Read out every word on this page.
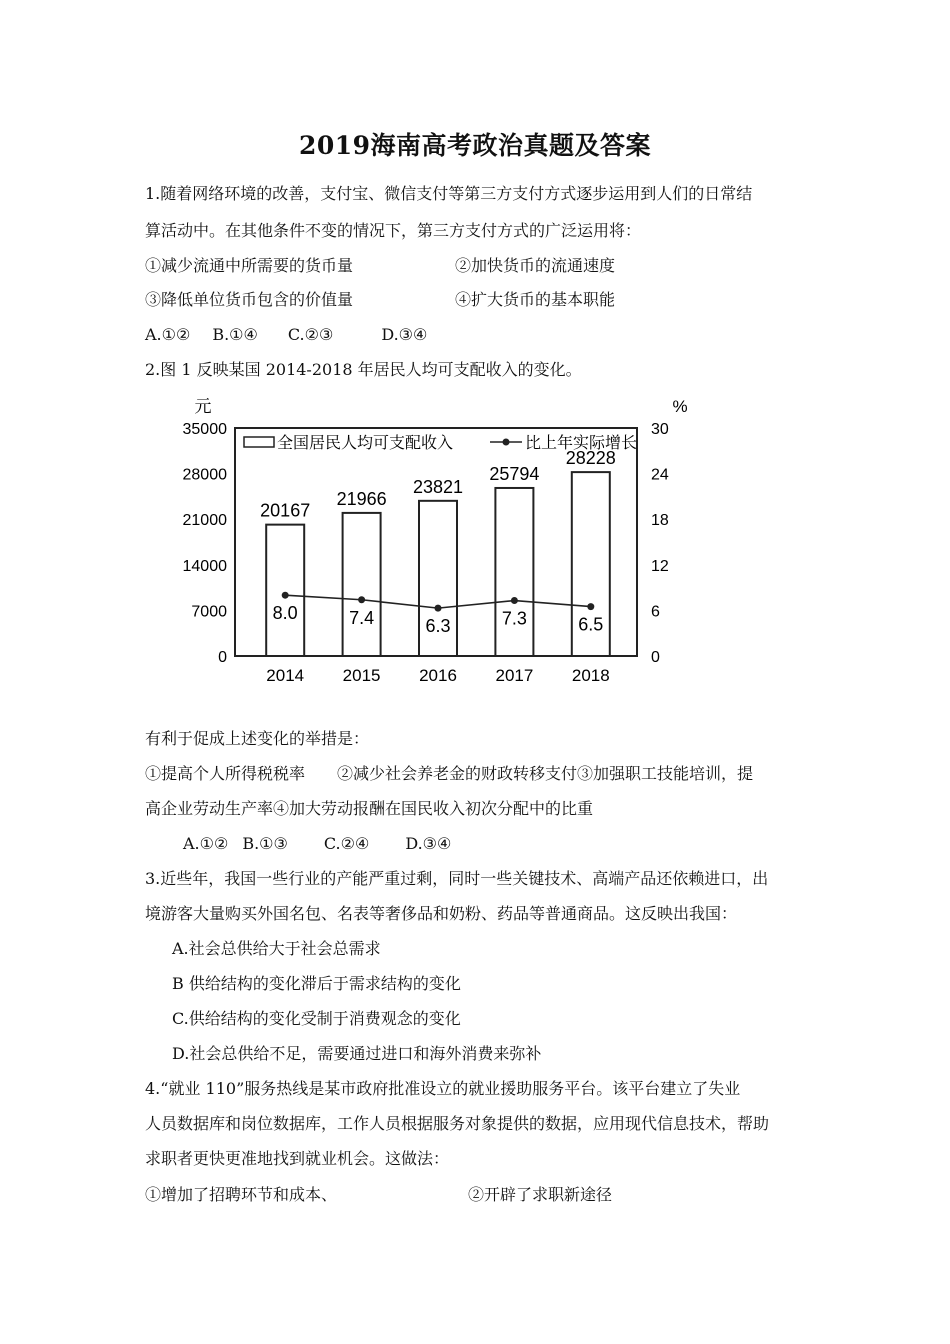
2019海南高考政治真题及答案
1.随着网络环境的改善，支付宝、微信支付等第三方支付方式逐步运用到人们的日常结
算活动中。在其他条件不变的情况下，第三方支付方式的广泛运用将：
①减少流通中所需要的货币量	②加快货币的流通速度
③降低单位货币包含的价值量	④扩大货币的基本职能
A.①② B.①④ C.②③	D.③④
2.图 1 反映某国 2014-2018 年居民人均可支配收入的变化。
元	%
全国居民人均可支配收入	比上年实际增长
0
7000
14000
21000
28000
35000
0
6
12
18
24
30
20167
2014
21966
2015
23821
2016
25794
2017
28228
2018
8.0	7.4	6.3	7.3	6.5
有利于促成上述变化的举措是：
①提高个人所得税税率　　②减少社会养老金的财政转移支付③加强职工技能培训，提
高企业劳动生产率④加大劳动报酬在国民收入初次分配中的比重
A.①② B.①③ C.②④ D.③④
3.近些年，我国一些行业的产能严重过剩，同时一些关键技术、高端产品还依赖进口，出
境游客大量购买外国名包、名表等奢侈品和奶粉、药品等普通商品。这反映出我国：
A.社会总供给大于社会总需求
B 供给结构的变化滞后于需求结构的变化
C.供给结构的变化受制于消费观念的变化
D.社会总供给不足，需要通过进口和海外消费来弥补
4.“就业 110”服务热线是某市政府批准设立的就业援助服务平台。该平台建立了失业
人员数据库和岗位数据库，工作人员根据服务对象提供的数据，应用现代信息技术，帮助
求职者更快更准地找到就业机会。这做法：
①增加了招聘环节和成本、	②开辟了求职新途径
